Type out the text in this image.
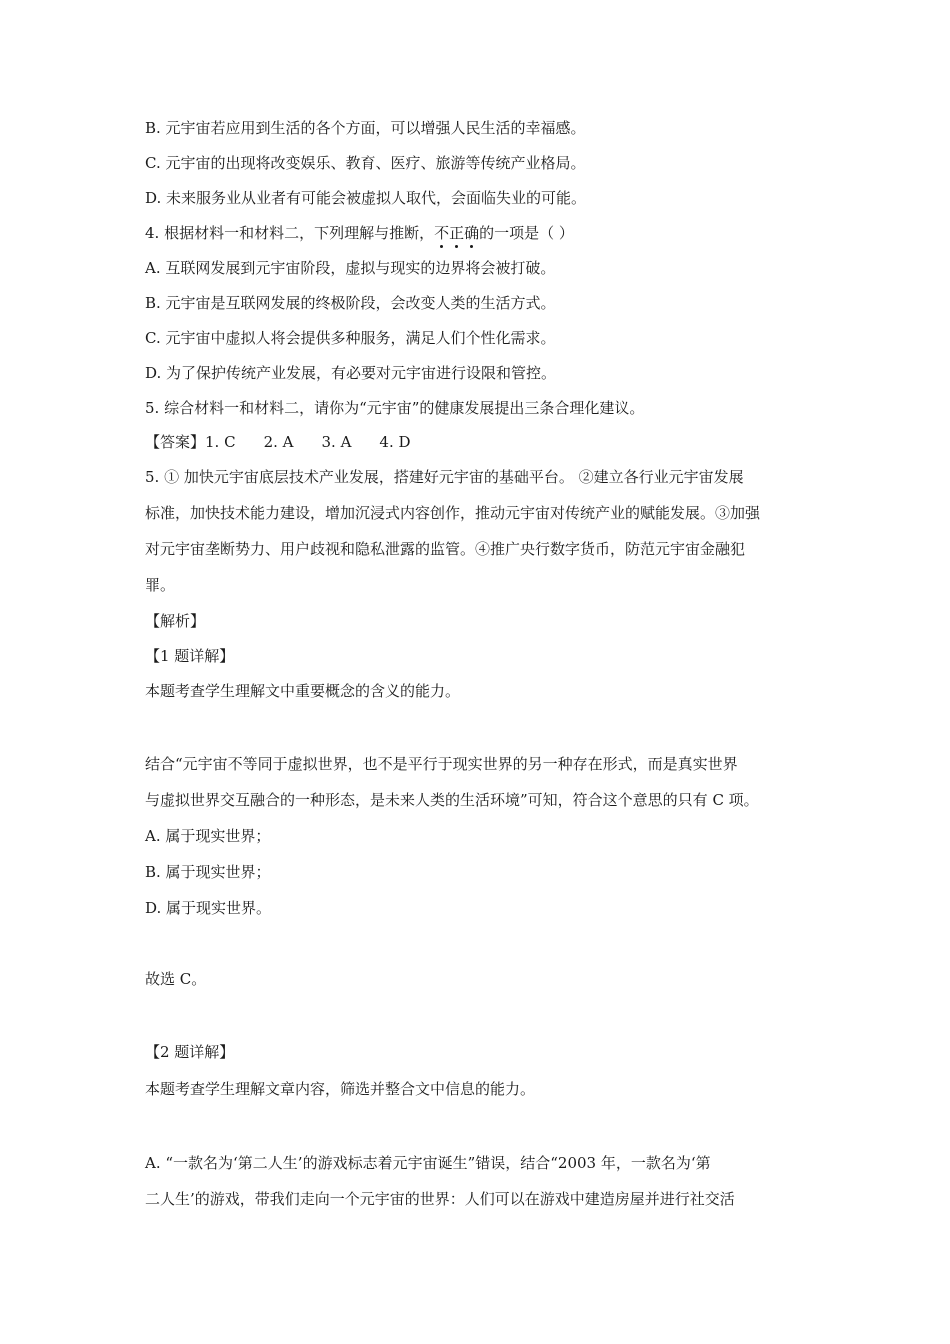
B. 元宇宙若应用到生活的各个方面，可以增强人民生活的幸福感。
C. 元宇宙的出现将改变娱乐、教育、医疗、旅游等传统产业格局。
D. 未来服务业从业者有可能会被虚拟人取代，会面临失业的可能。
4. 根据材料一和材料二，下列理解与推断，不正确的一项是（ ）
A. 互联网发展到元宇宙阶段，虚拟与现实的边界将会被打破。
B. 元宇宙是互联网发展的终极阶段，会改变人类的生活方式。
C. 元宇宙中虚拟人将会提供多种服务，满足人们个性化需求。
D. 为了保护传统产业发展，有必要对元宇宙进行设限和管控。
5. 综合材料一和材料二，请你为“元宇宙”的健康发展提出三条合理化建议。
【答案】1. C 2. A 3. A 4. D
5. ① 加快元宇宙底层技术产业发展，搭建好元宇宙的基础平台。 ②建立各行业元宇宙发展
标准，加快技术能力建设，增加沉浸式内容创作，推动元宇宙对传统产业的赋能发展。③加强
对元宇宙垄断势力、用户歧视和隐私泄露的监管。④推广央行数字货币，防范元宇宙金融犯
罪。
【解析】
【1 题详解】
本题考查学生理解文中重要概念的含义的能力。
结合“元宇宙不等同于虚拟世界，也不是平行于现实世界的另一种存在形式，而是真实世界
与虚拟世界交互融合的一种形态，是未来人类的生活环境”可知，符合这个意思的只有 C 项。
A. 属于现实世界；
B. 属于现实世界；
D. 属于现实世界。
故选 C。
【2 题详解】
本题考查学生理解文章内容，筛选并整合文中信息的能力。
A. “一款名为‘第二人生’的游戏标志着元宇宙诞生”错误，结合“2003 年，一款名为‘第
二人生’的游戏，带我们走向一个元宇宙的世界：人们可以在游戏中建造房屋并进行社交活
